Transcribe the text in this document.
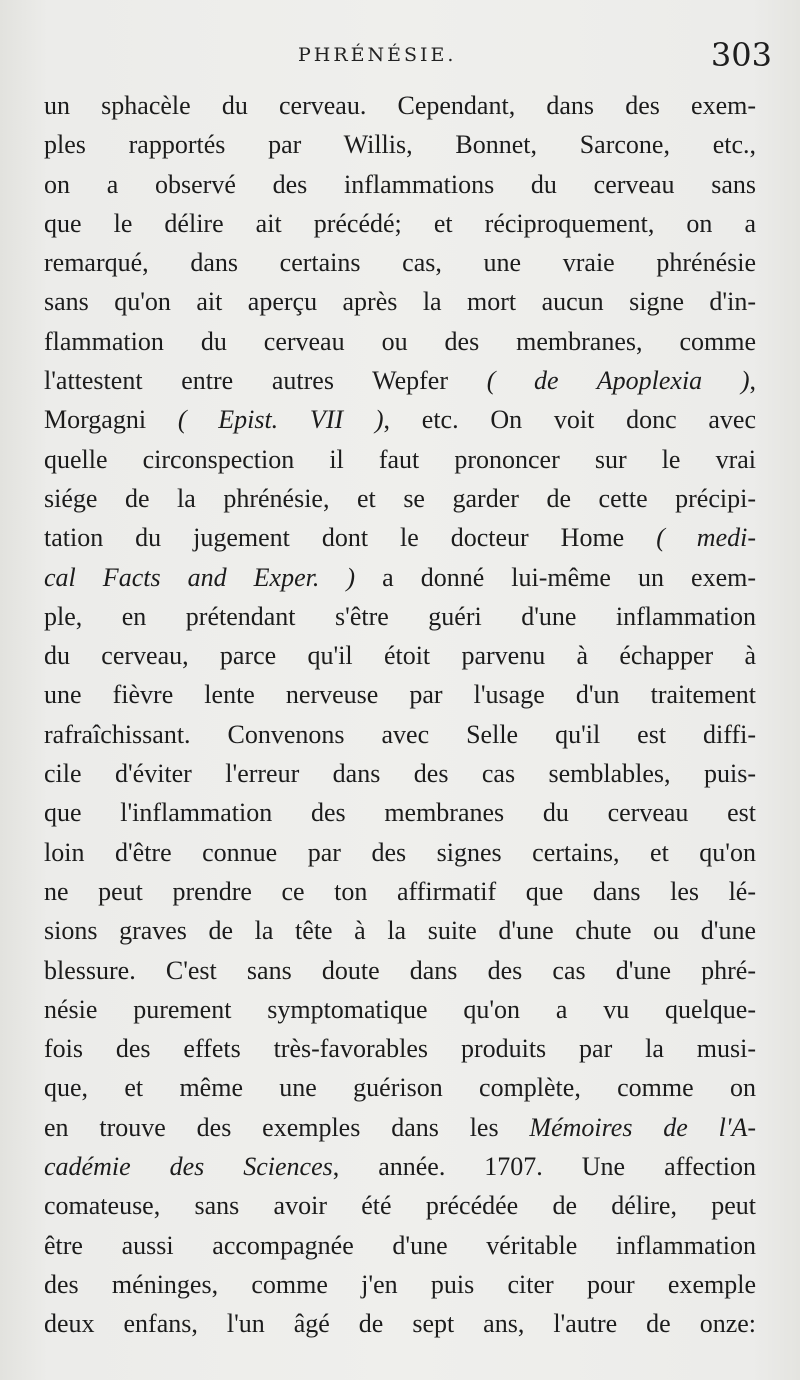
PHRÉNÉSIE.	303
un sphacèle du cerveau. Cependant, dans des exem-
ples rapportés par Willis, Bonnet, Sarcone, etc.,
on a observé des inflammations du cerveau sans
que le délire ait précédé; et réciproquement, on a
remarqué, dans certains cas, une vraie phrénésie
sans qu'on ait aperçu après la mort aucun signe d'in-
flammation du cerveau ou des membranes, comme
l'attestent entre autres Wepfer ( de Apoplexia ),
Morgagni ( Epist. VII ), etc. On voit donc avec
quelle circonspection il faut prononcer sur le vrai
siége de la phrénésie, et se garder de cette précipi-
tation du jugement dont le docteur Home ( medi-
cal Facts and Exper. ) a donné lui-même un exem-
ple, en prétendant s'être guéri d'une inflammation
du cerveau, parce qu'il étoit parvenu à échapper à
une fièvre lente nerveuse par l'usage d'un traitement
rafraîchissant. Convenons avec Selle qu'il est diffi-
cile d'éviter l'erreur dans des cas semblables, puis-
que l'inflammation des membranes du cerveau est
loin d'être connue par des signes certains, et qu'on
ne peut prendre ce ton affirmatif que dans les lé-
sions graves de la tête à la suite d'une chute ou d'une
blessure. C'est sans doute dans des cas d'une phré-
nésie purement symptomatique qu'on a vu quelque-
fois des effets très-favorables produits par la musi-
que, et même une guérison complète, comme on
en trouve des exemples dans les Mémoires de l'A-
cadémie des Sciences, année. 1707. Une affection
comateuse, sans avoir été précédée de délire, peut
être aussi accompagnée d'une véritable inflammation
des méninges, comme j'en puis citer pour exemple
deux enfans, l'un âgé de sept ans, l'autre de onze:
